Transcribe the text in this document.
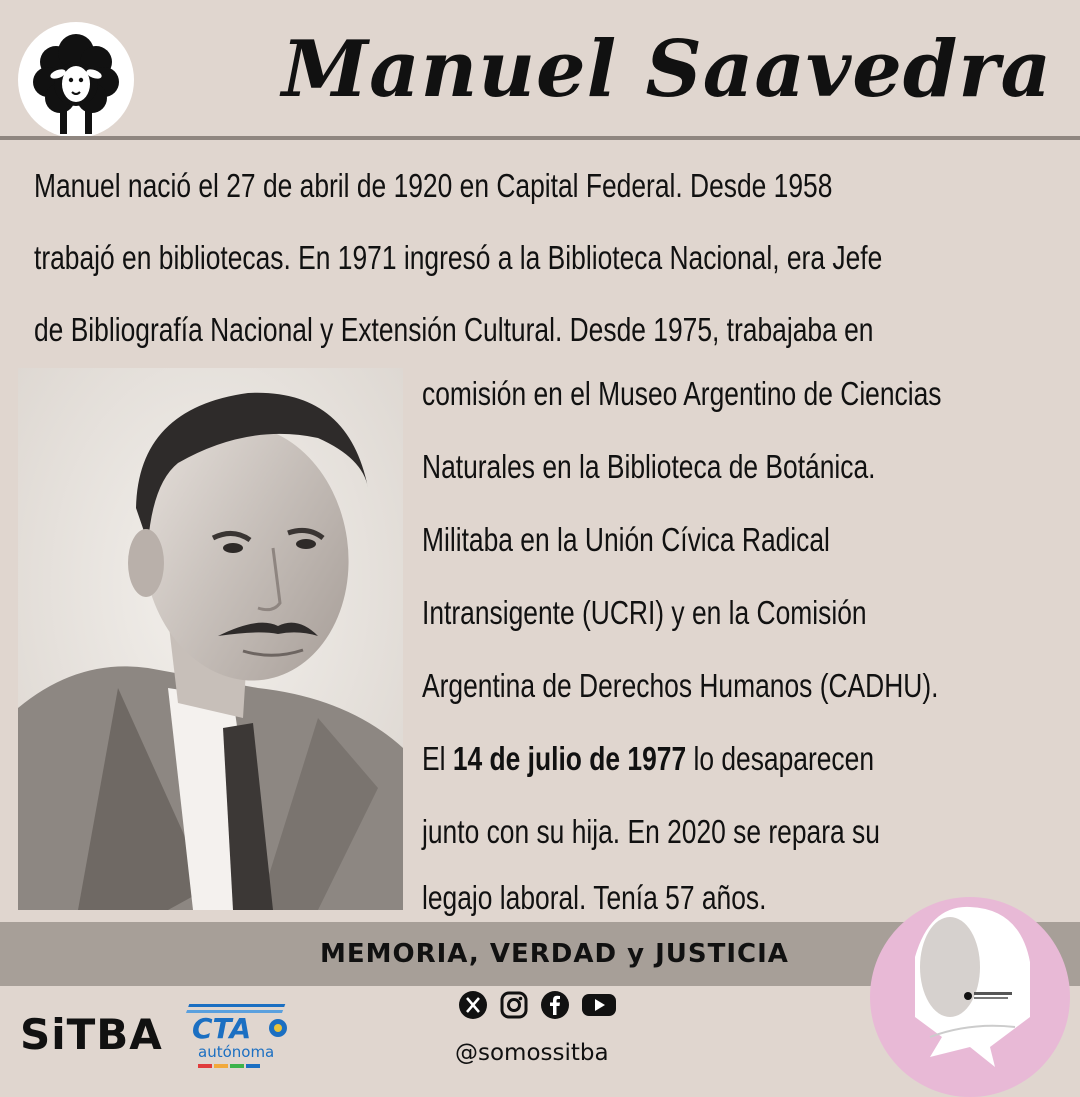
Manuel Saavedra
Manuel nació el 27 de abril de 1920 en Capital Federal. Desde 1958
trabajó en bibliotecas. En 1971 ingresó a la Biblioteca Nacional, era Jefe
de Bibliografía Nacional y Extensión Cultural. Desde 1975, trabajaba en
comisión en el Museo Argentino de Ciencias
Naturales en la Biblioteca de Botánica.
Militaba en la Unión Cívica Radical
Intransigente (UCRI) y en la Comisión
Argentina de Derechos Humanos (CADHU).
El 14 de julio de 1977 lo desaparecen
junto con su hija. En 2020 se repara su
legajo laboral. Tenía 57 años.
MEMORIA, VERDAD y JUSTICIA
SiTBA CTA
autónoma	@somossitba
